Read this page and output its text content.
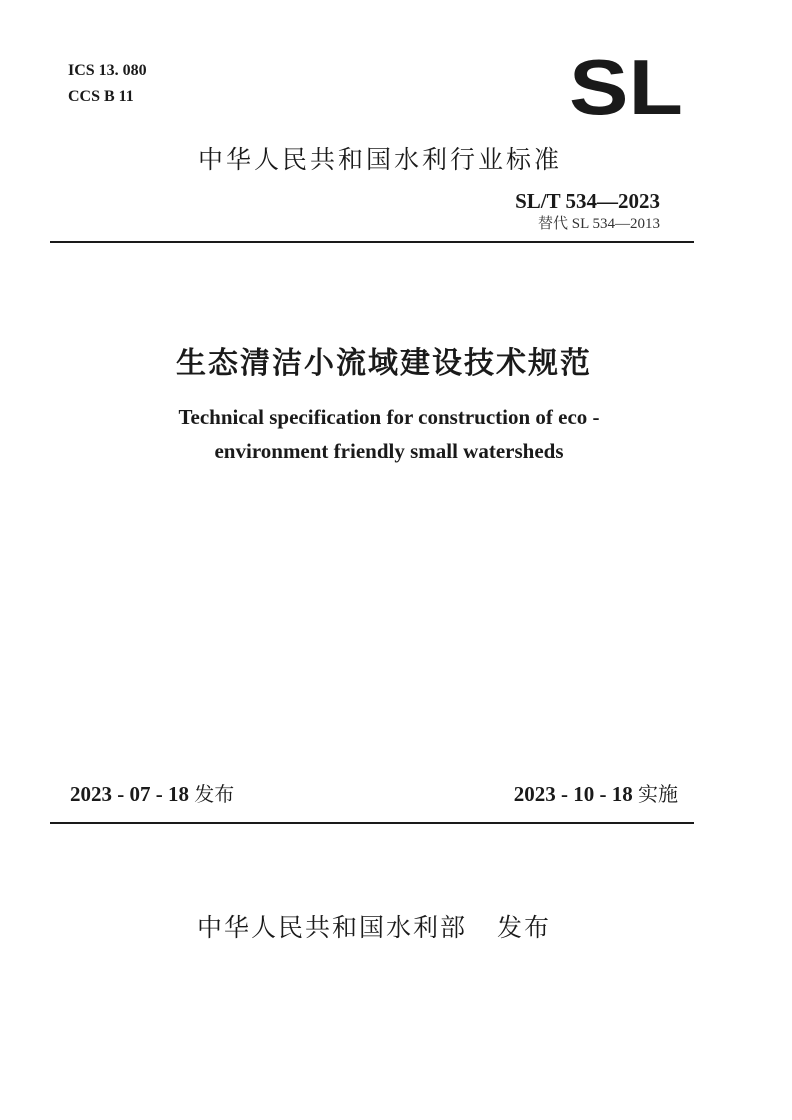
ICS 13. 080
CCS B 11	SL
中华人民共和国水利行业标准
SL/T 534—2023
替代 SL 534—2013
生态清洁小流域建设技术规范
Technical specification for construction of eco -
environment friendly small watersheds
2023 - 07 - 18 发布	2023 - 10 - 18 实施
中华人民共和国水利部 发布
